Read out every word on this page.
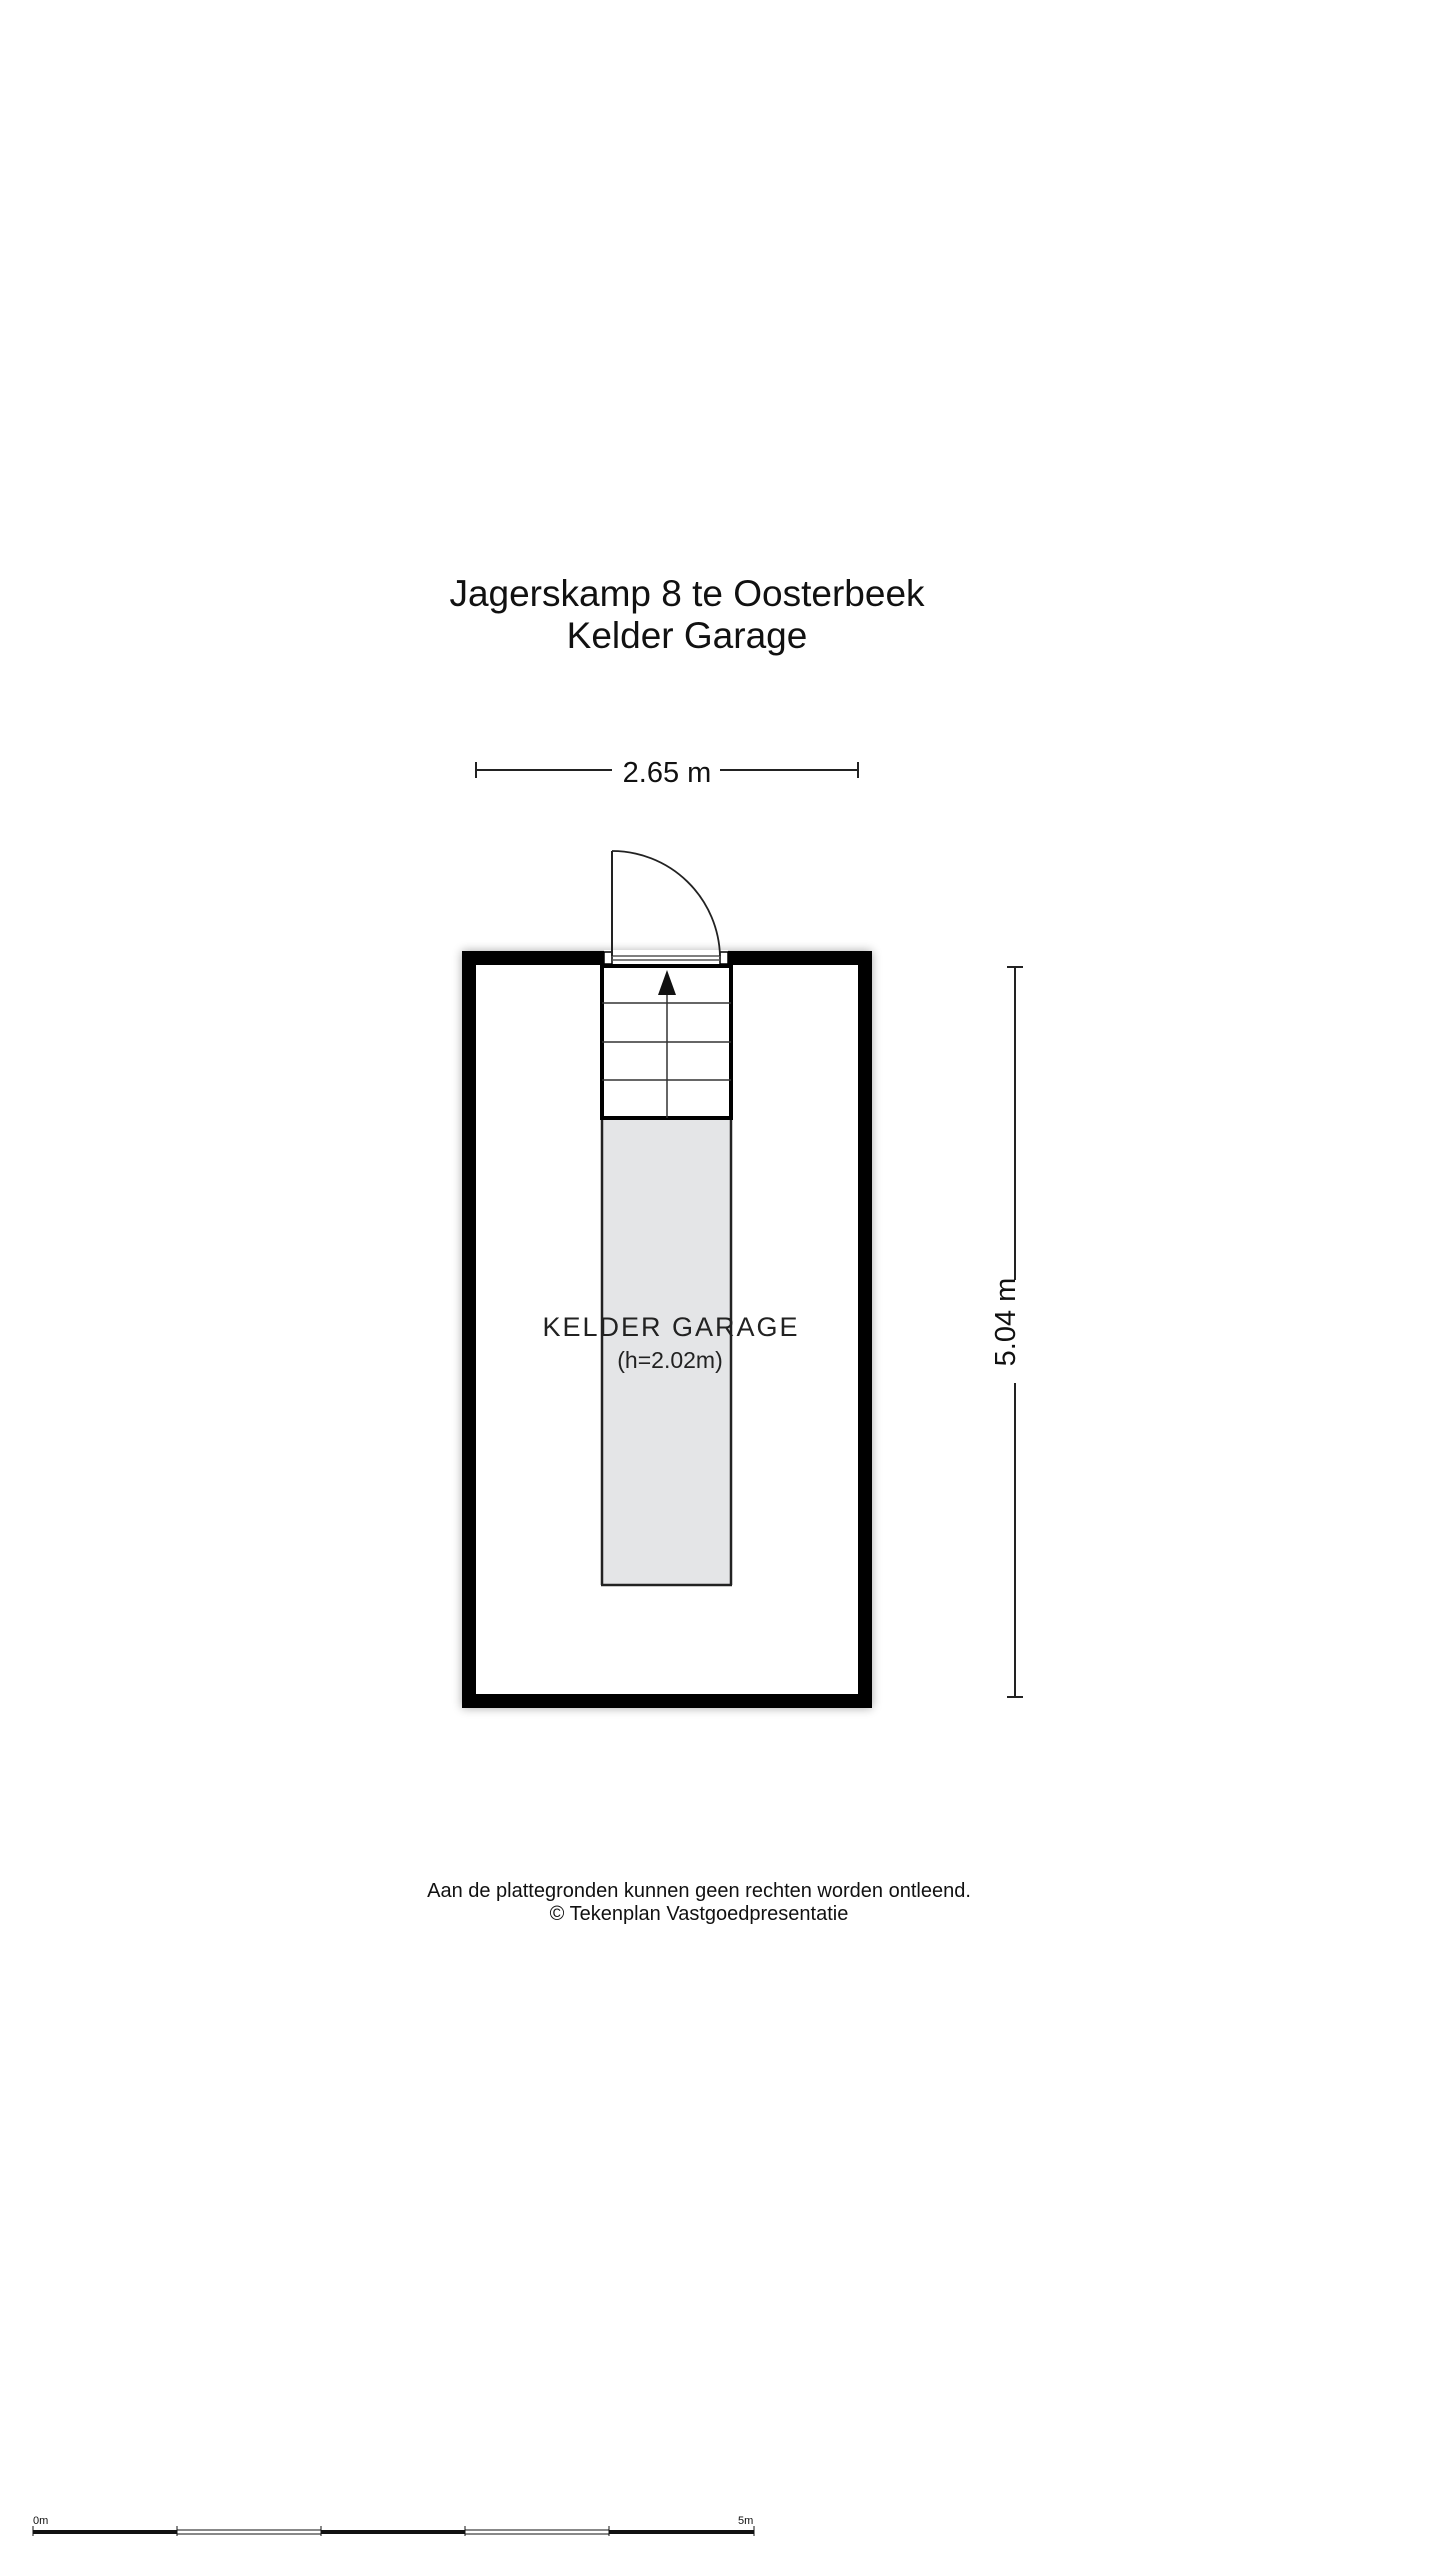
Jagerskamp 8 te Oosterbeek
Kelder Garage
2.65 m
5.04 m
KELDER GARAGE
(h=2.02m)
Aan de plattegronden kunnen geen rechten worden ontleend.
© Tekenplan Vastgoedpresentatie
0m	5m
